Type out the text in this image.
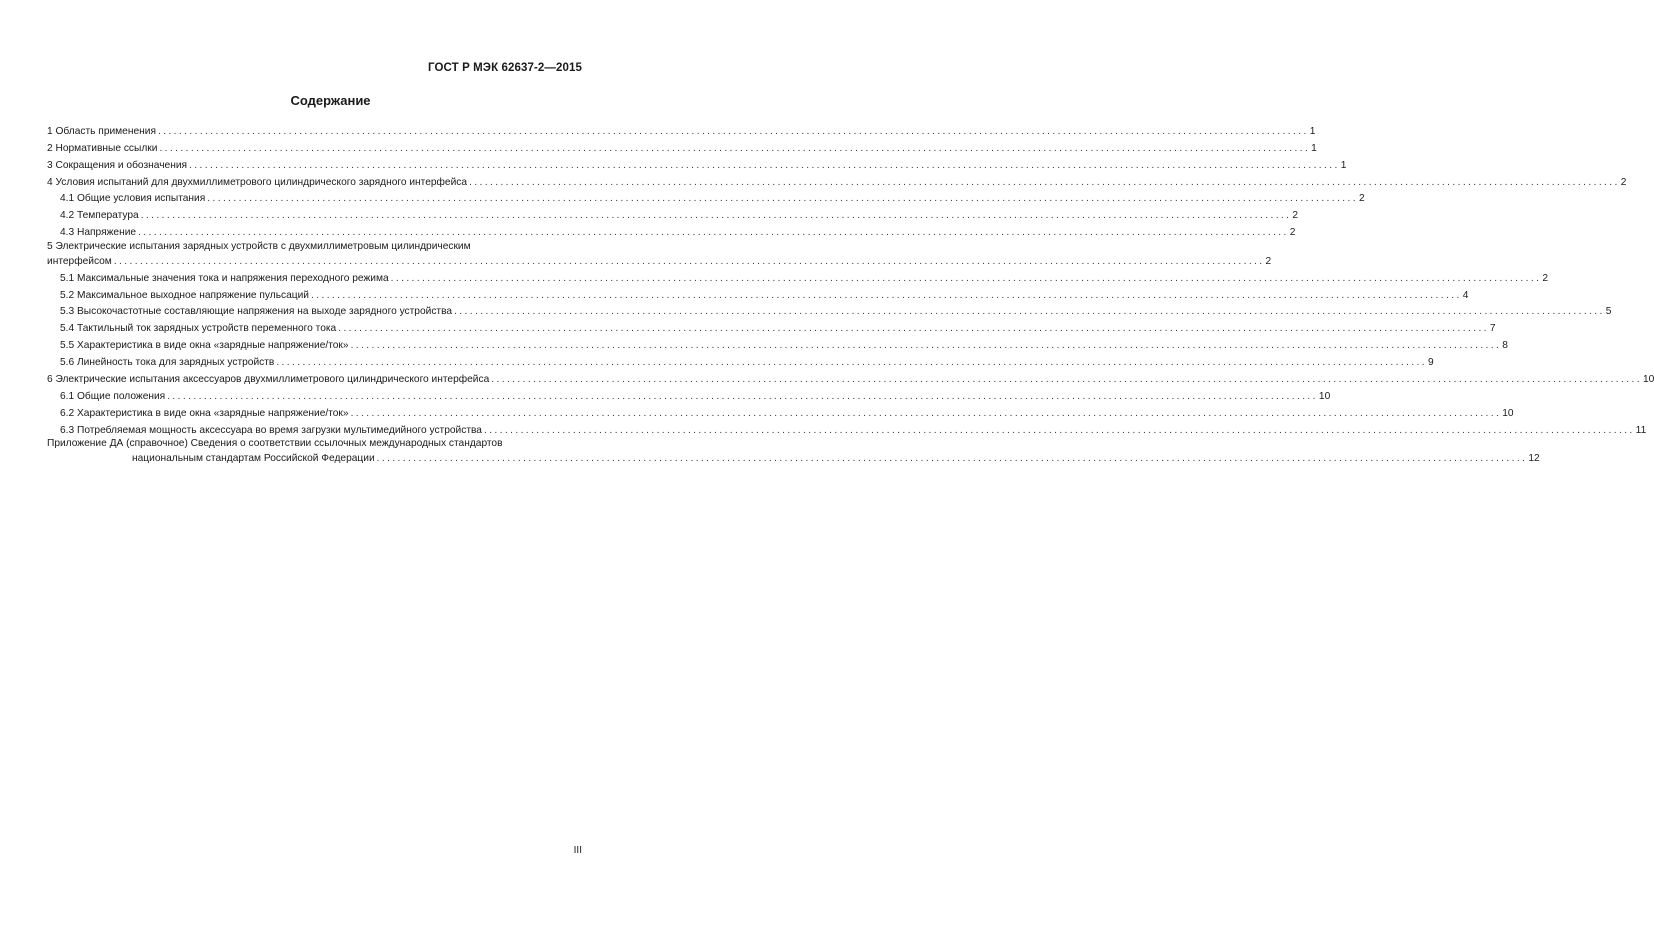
ГОСТ Р МЭК 62637-2—2015
Содержание
1 Область применения ............................................................................................................................................................................................................................ 1
2 Нормативные ссылки ............................................................................................................................................................................................................................ 1
3 Сокращения и обозначения ............................................................................................................................................................................................................................ 1
4 Условия испытаний для двухмиллиметрового цилиндрического зарядного интерфейса ............................................................................................................................................................................................................................ 2
4.1 Общие условия испытания ............................................................................................................................................................................................................................ 2
4.2 Температура ............................................................................................................................................................................................................................ 2
4.3 Напряжение ............................................................................................................................................................................................................................ 2
5 Электрические испытания зарядных устройств с двухмиллиметровым цилиндрическим
интерфейсом ............................................................................................................................................................................................................................ 2
5.1 Максимальные значения тока и напряжения переходного режима ............................................................................................................................................................................................................................ 2
5.2 Максимальное выходное напряжение пульсаций ............................................................................................................................................................................................................................ 4
5.3 Высокочастотные составляющие напряжения на выходе зарядного устройства ............................................................................................................................................................................................................................ 5
5.4 Тактильный ток зарядных устройств переменного тока ............................................................................................................................................................................................................................ 7
5.5 Характеристика в виде окна «зарядные напряжение/ток» ............................................................................................................................................................................................................................ 8
5.6 Линейность тока для зарядных устройств ............................................................................................................................................................................................................................ 9
6 Электрические испытания аксессуаров двухмиллиметрового цилиндрического интерфейса ............................................................................................................................................................................................................................ 10
6.1 Общие положения ............................................................................................................................................................................................................................ 10
6.2 Характеристика в виде окна «зарядные напряжение/ток» ............................................................................................................................................................................................................................ 10
6.3 Потребляемая мощность аксессуара во время загрузки мультимедийного устройства ............................................................................................................................................................................................................................ 11
Приложение ДА (справочное) Сведения о соответствии ссылочных международных стандартов
национальным стандартам Российской Федерации ............................................................................................................................................................................................................................ 12
III
